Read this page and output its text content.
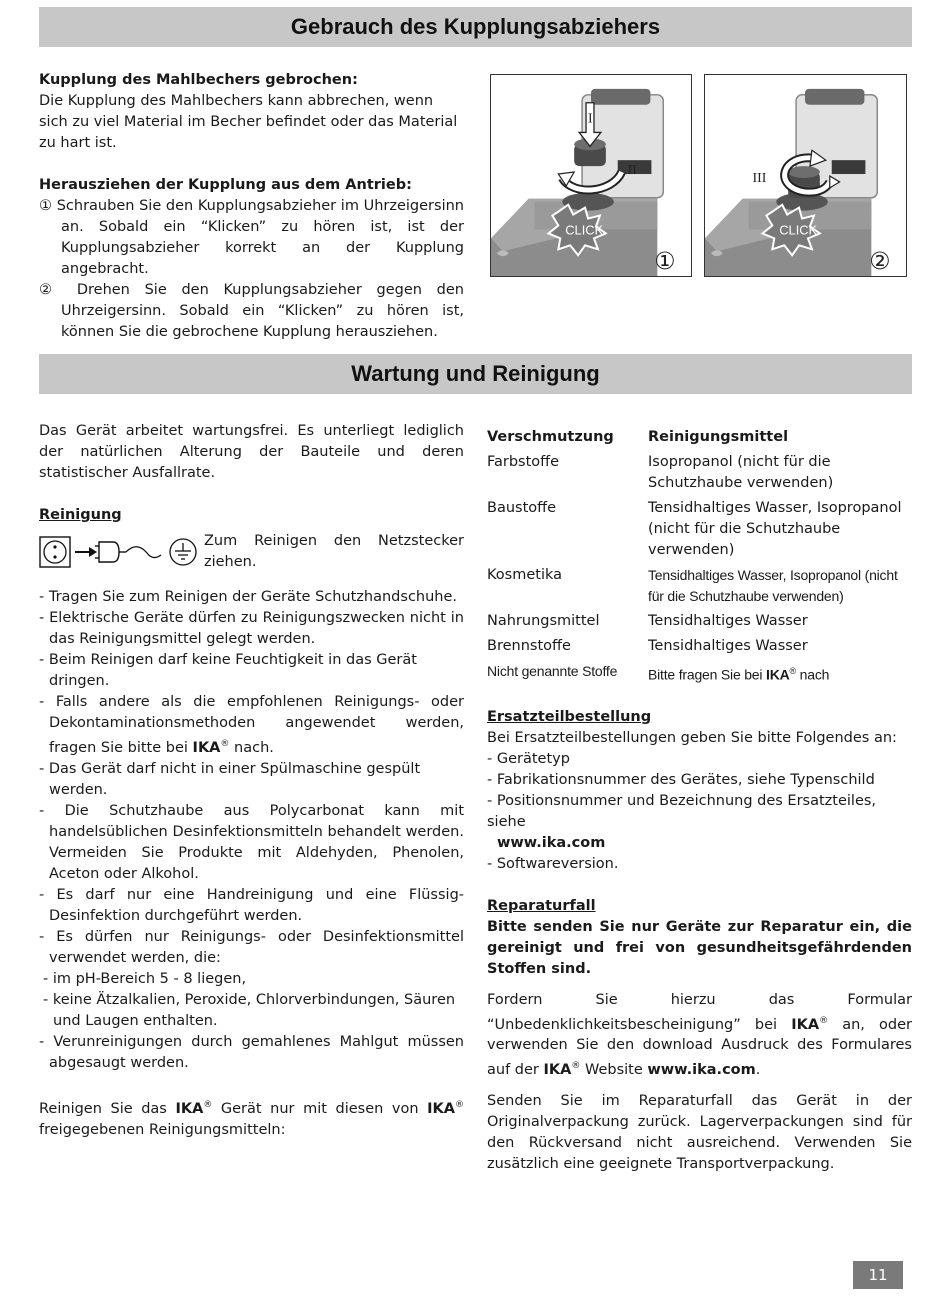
Gebrauch des Kupplungsabziehers
Kupplung des Mahlbechers gebrochen:
Die Kupplung des Mahlbechers kann abbrechen, wenn sich zu viel Material im Becher befindet oder das Material zu hart ist.
Herausziehen der Kupplung aus dem Antrieb:
① Schrauben Sie den Kupplungsabzieher im Uhrzeigersinn an. Sobald ein “Klicken” zu hören ist, ist der Kupplungsabzieher korrekt an der Kupplung angebracht.
② Drehen Sie den Kupplungsabzieher gegen den Uhrzeigersinn. Sobald ein “Klicken” zu hören ist, können Sie die gebrochene Kupplung herausziehen.
CLICK
I
II
①
CLICK
III
②
Wartung und Reinigung
Das Gerät arbeitet wartungsfrei. Es unterliegt lediglich der natürlichen Alterung der Bauteile und deren statistischer Ausfallrate.
Reinigung
Zum Reinigen den Netzstecker ziehen.
- Tragen Sie zum Reinigen der Geräte Schutzhandschuhe.
- Elektrische Geräte dürfen zu Reinigungszwecken nicht in das Reinigungsmittel gelegt werden.
- Beim Reinigen darf keine Feuchtigkeit in das Gerät dringen.
- Falls andere als die empfohlenen Reinigungs- oder Dekontaminationsmethoden angewendet werden, fragen Sie bitte bei IKA® nach.
- Das Gerät darf nicht in einer Spülmaschine gespült werden.
- Die Schutzhaube aus Polycarbonat kann mit handelsüblichen Desinfektionsmitteln behandelt werden. Vermeiden Sie Produkte mit Aldehyden, Phenolen, Aceton oder Alkohol.
- Es darf nur eine Handreinigung und eine Flüssig- Desinfektion durchgeführt werden.
- Es dürfen nur Reinigungs- oder Desinfektionsmittel verwendet werden, die:
- im pH-Bereich 5 - 8 liegen,
- keine Ätzalkalien, Peroxide, Chlorverbindungen, Säuren und Laugen enthalten.
- Verunreinigungen durch gemahlenes Mahlgut müssen abgesaugt werden.
Reinigen Sie das IKA® Gerät nur mit diesen von IKA® freigegebenen Reinigungsmitteln:
Verschmutzung	Reinigungsmittel
Farbstoffe	Isopropanol (nicht für die Schutzhaube verwenden)
Baustoffe	Tensidhaltiges Wasser, Isopropanol (nicht für die Schutzhaube verwenden)
Kosmetika	Tensidhaltiges Wasser, Isopropanol (nicht für die Schutzhaube verwenden)
Nahrungsmittel	Tensidhaltiges Wasser
Brennstoffe	Tensidhaltiges Wasser
Nicht genannte Stoffe	Bitte fragen Sie bei IKA® nach
Ersatzteilbestellung
Bei Ersatzteilbestellungen geben Sie bitte Folgendes an:
- Gerätetyp
- Fabrikationsnummer des Gerätes, siehe Typenschild
- Positionsnummer und Bezeichnung des Ersatzteiles, siehe
www.ika.com
- Softwareversion.
Reparaturfall
Bitte senden Sie nur Geräte zur Reparatur ein, die gereinigt und frei von gesundheitsgefährdenden Stoffen sind.
Fordern Sie hierzu das Formular “Unbedenklichkeitsbescheinigung” bei IKA® an, oder verwenden Sie den download Ausdruck des Formulares auf der IKA® Website www.ika.com.
Senden Sie im Reparaturfall das Gerät in der Originalverpackung zurück. Lagerverpackungen sind für den Rückversand nicht ausreichend. Verwenden Sie zusätzlich eine geeignete Transportverpackung.
11
